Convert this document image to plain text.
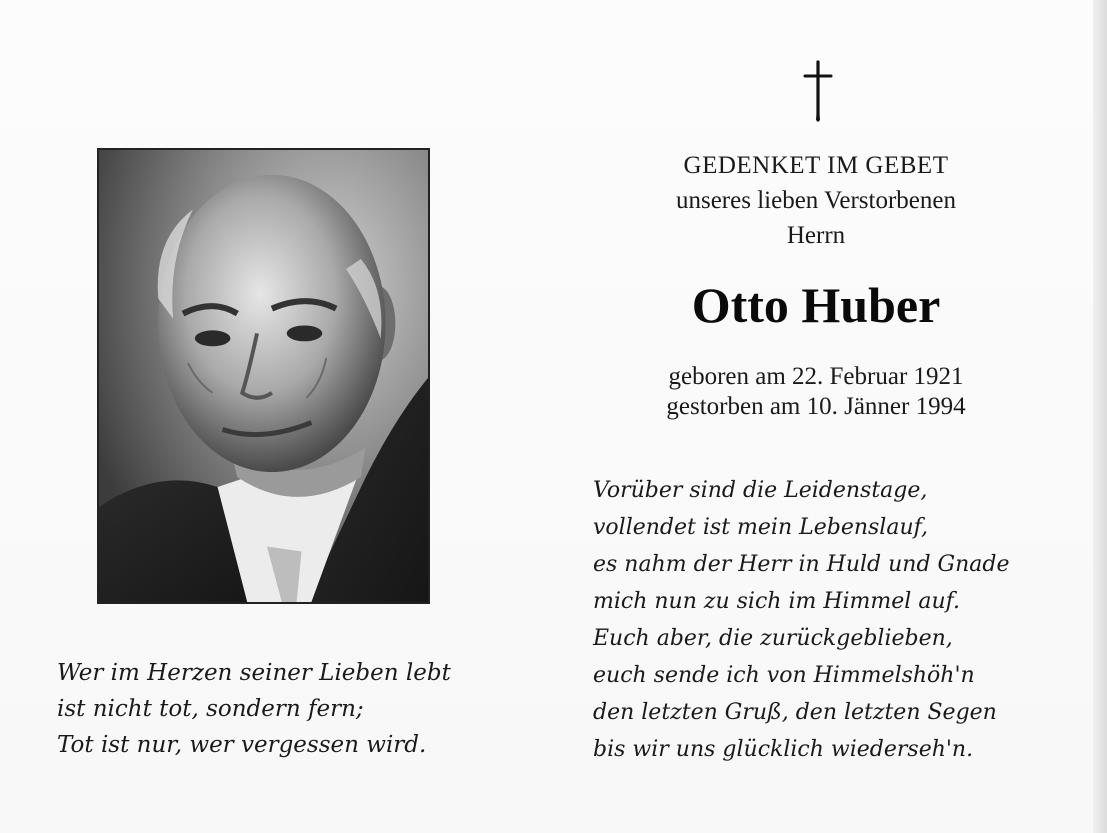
Wer im Herzen seiner Lieben lebt
ist nicht tot, sondern fern;
Tot ist nur, wer vergessen wird.
GEDENKET IM GEBET
unseres lieben Verstorbenen
Herrn
Otto Huber
geboren am 22. Februar 1921
gestorben am 10. Jänner 1994
Vorüber sind die Leidenstage,
vollendet ist mein Lebenslauf,
es nahm der Herr in Huld und Gnade
mich nun zu sich im Himmel auf.
Euch aber, die zurückgeblieben,
euch sende ich von Himmelshöh'n
den letzten Gruß, den letzten Segen
bis wir uns glücklich wiederseh'n.
